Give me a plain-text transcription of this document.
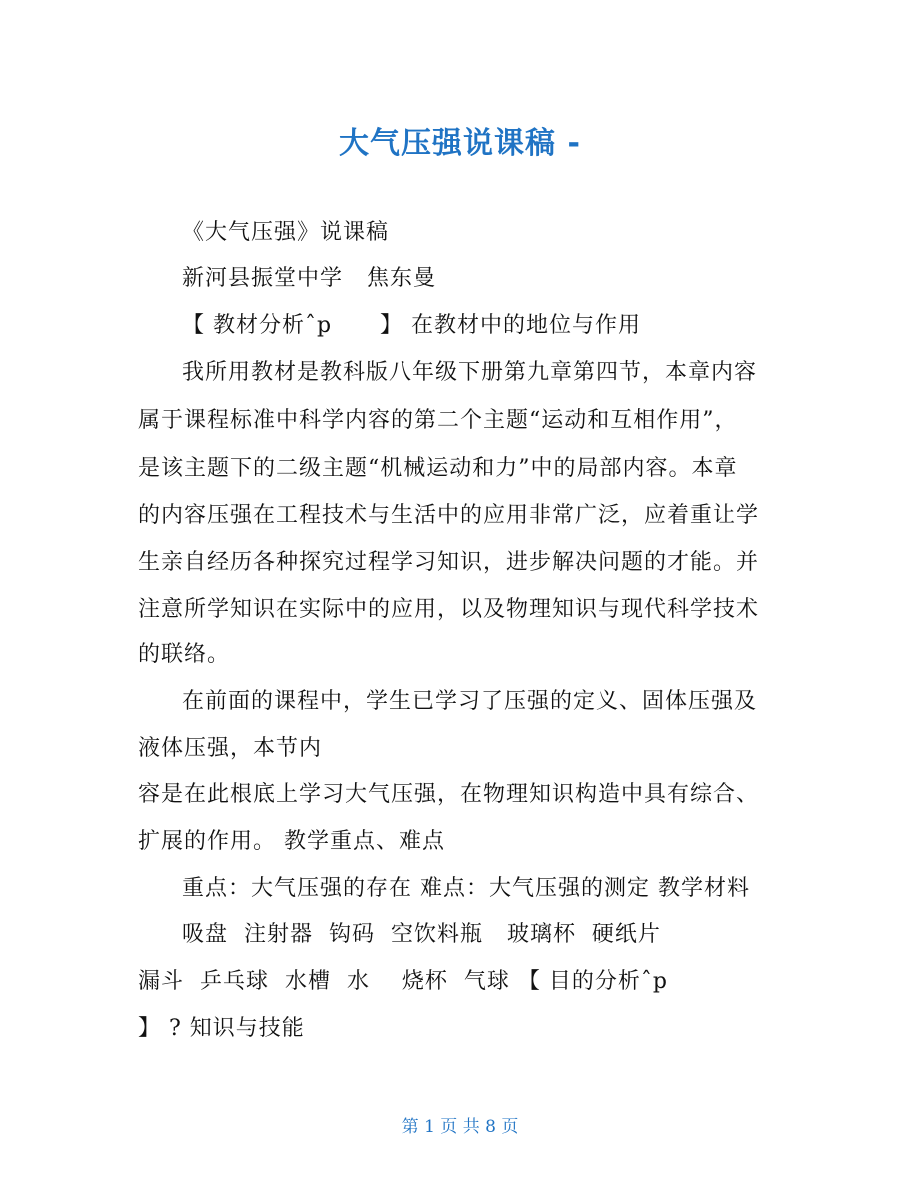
大气压强说课稿 -
《大气压强》说课稿
新河县振堂中学   焦东曼
【 教材分析ˆp      】 在教材中的地位与作用
我所用教材是教科版八年级下册第九章第四节，本章内容
属于课程标准中科学内容的第二个主题“运动和互相作用”，
是该主题下的二级主题“机械运动和力”中的局部内容。本章
的内容压强在工程技术与生活中的应用非常广泛，应着重让学
生亲自经历各种探究过程学习知识，进步解决问题的才能。并
注意所学知识在实际中的应用，以及物理知识与现代科学技术
的联络。
在前面的课程中，学生已学习了压强的定义、固体压强及
液体压强，本节内
容是在此根底上学习大气压强，在物理知识构造中具有综合、
扩展的作用。 教学重点、难点
重点：大气压强的存在 难点：大气压强的测定 教学材料
吸盘  注射器  钩码  空饮料瓶   玻璃杯  硬纸片
漏斗  乒乓球  水槽  水    烧杯  气球 【 目的分析ˆp
】 ? 知识与技能
第 1 页 共 8 页
